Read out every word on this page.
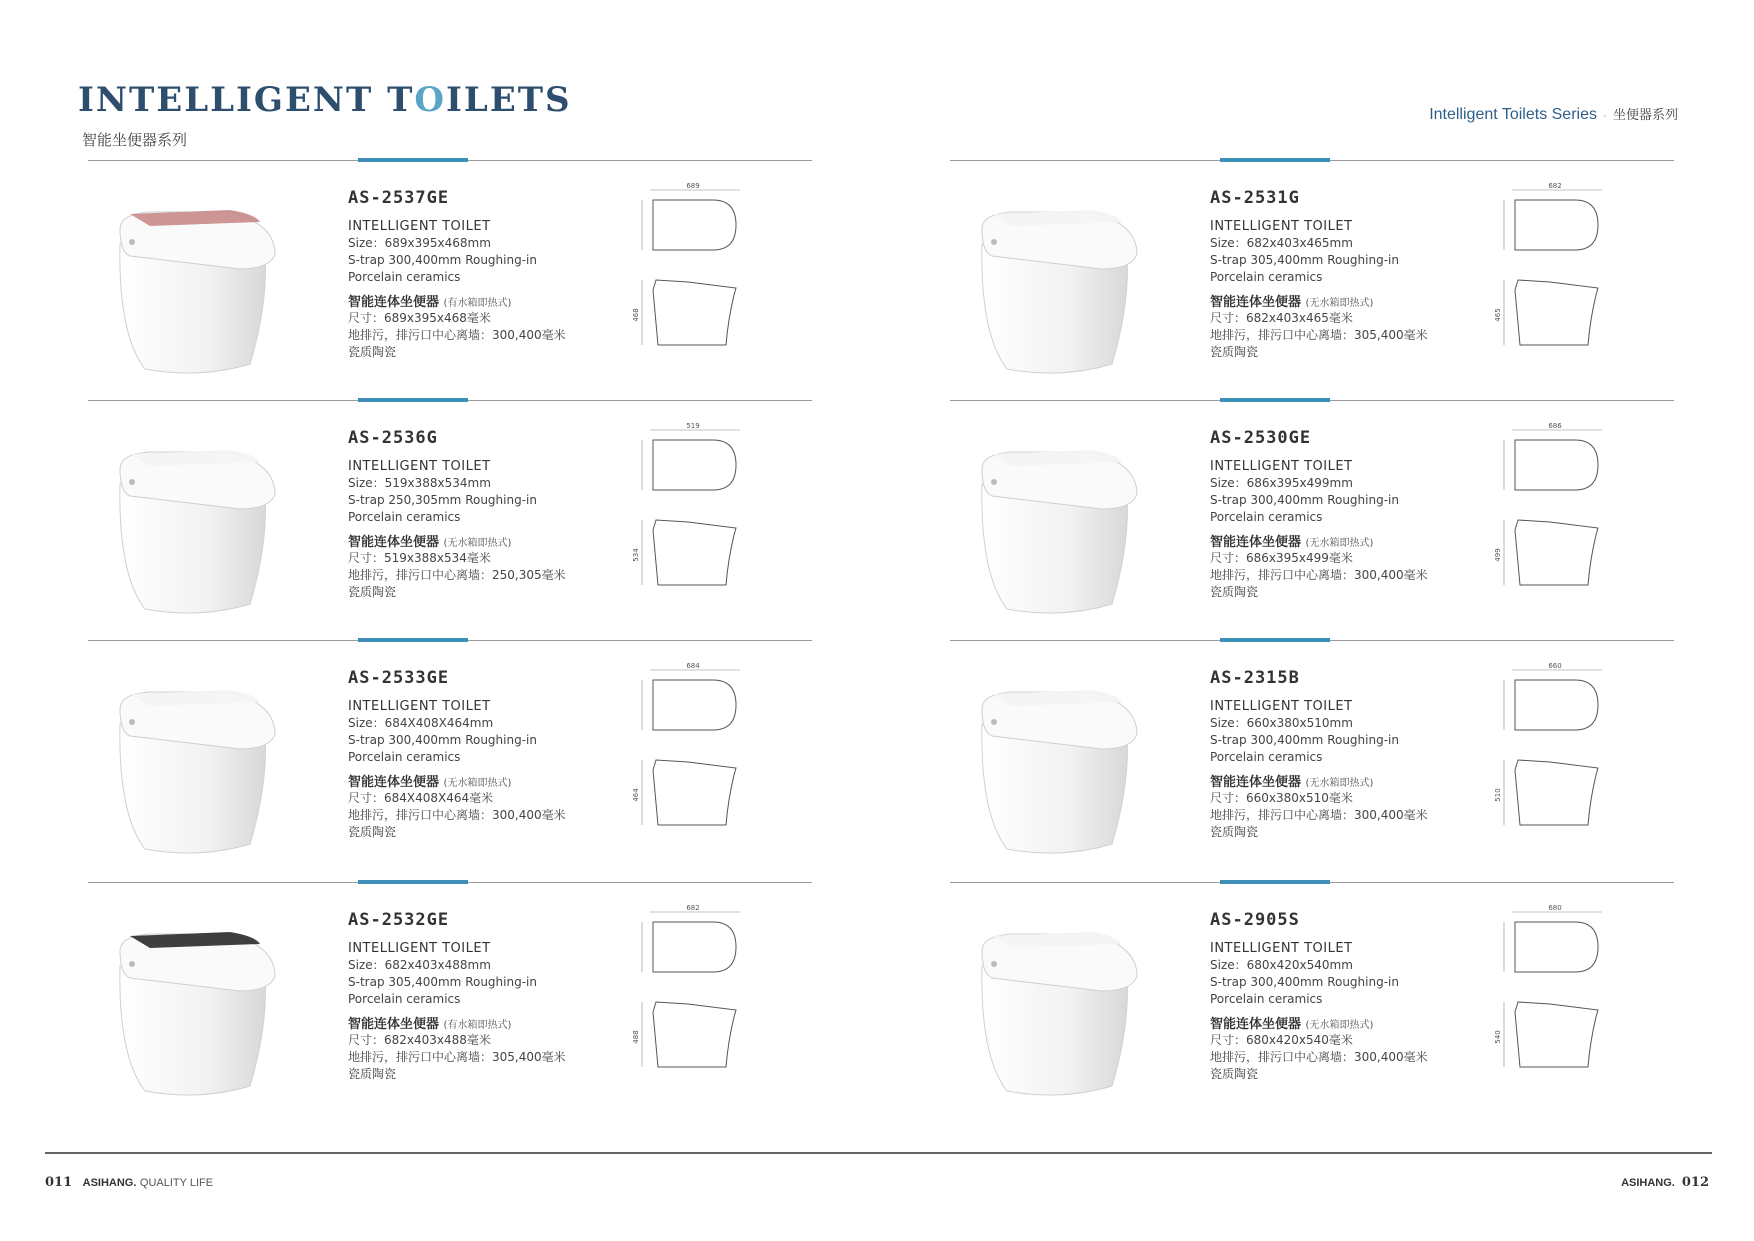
INTELLIGENT TOILETS
智能坐便器系列
Intelligent Toilets Series · 坐便器系列
AS-2537GE
INTELLIGENT TOILET
Size：689x395x468mm
S-trap 300,400mm Roughing-in
Porcelain ceramics
智能连体坐便器 (有水箱即热式)
尺寸：689x395x468毫米
地排污，排污口中心离墙：300,400毫米
瓷质陶瓷
689
468
AS-2531G
INTELLIGENT TOILET
Size：682x403x465mm
S-trap 305,400mm Roughing-in
Porcelain ceramics
智能连体坐便器 (无水箱即热式)
尺寸：682x403x465毫米
地排污，排污口中心离墙：305,400毫米
瓷质陶瓷
682
465
AS-2536G
INTELLIGENT TOILET
Size：519x388x534mm
S-trap 250,305mm Roughing-in
Porcelain ceramics
智能连体坐便器 (无水箱即热式)
尺寸：519x388x534毫米
地排污，排污口中心离墙：250,305毫米
瓷质陶瓷
519
534
AS-2530GE
INTELLIGENT TOILET
Size：686x395x499mm
S-trap 300,400mm Roughing-in
Porcelain ceramics
智能连体坐便器 (无水箱即热式)
尺寸：686x395x499毫米
地排污，排污口中心离墙：300,400毫米
瓷质陶瓷
686
499
AS-2533GE
INTELLIGENT TOILET
Size：684X408X464mm
S-trap 300,400mm Roughing-in
Porcelain ceramics
智能连体坐便器 (无水箱即热式)
尺寸：684X408X464毫米
地排污，排污口中心离墙：300,400毫米
瓷质陶瓷
684
464
AS-2315B
INTELLIGENT TOILET
Size：660x380x510mm
S-trap 300,400mm Roughing-in
Porcelain ceramics
智能连体坐便器 (无水箱即热式)
尺寸：660x380x510毫米
地排污，排污口中心离墙：300,400毫米
瓷质陶瓷
660
510
AS-2532GE
INTELLIGENT TOILET
Size：682x403x488mm
S-trap 305,400mm Roughing-in
Porcelain ceramics
智能连体坐便器 (有水箱即热式)
尺寸：682x403x488毫米
地排污，排污口中心离墙：305,400毫米
瓷质陶瓷
682
488
AS-2905S
INTELLIGENT TOILET
Size：680x420x540mm
S-trap 300,400mm Roughing-in
Porcelain ceramics
智能连体坐便器 (无水箱即热式)
尺寸：680x420x540毫米
地排污，排污口中心离墙：300,400毫米
瓷质陶瓷
680
540
011 ASIHANG. QUALITY LIFE	ASIHANG. 012
